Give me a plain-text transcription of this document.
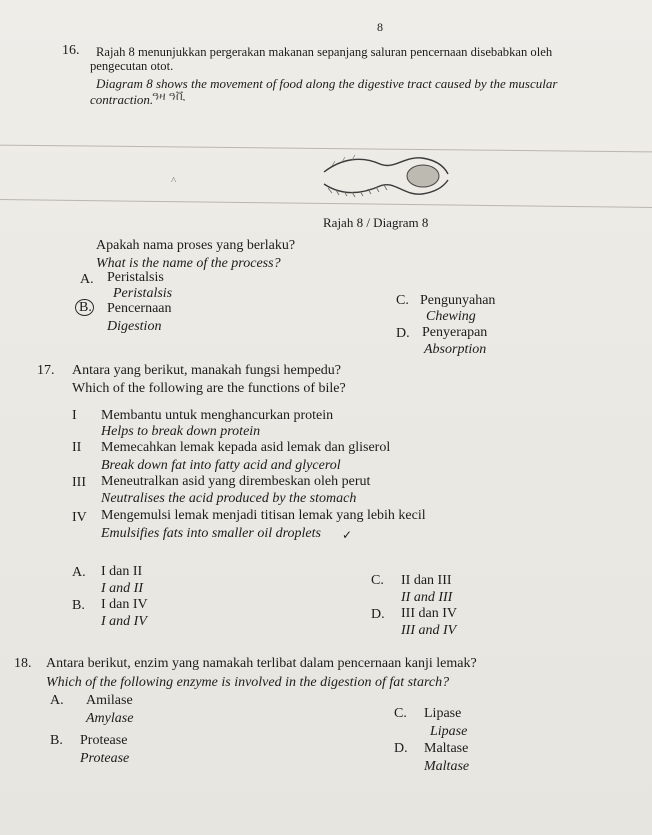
8
16. Rajah 8 menunjukkan pergerakan makanan sepanjang saluran pencernaan disebabkan oleh
pengecutan otot.
Diagram 8 shows the movement of food along the digestive tract caused by the muscular
contraction.
ዓዛ ዓቪ
^
Rajah 8 / Diagram 8
Apakah nama proses yang berlaku?
What is the name of the process?
A. Peristalsis
Peristalsis
B. Pencernaan
Digestion
C. Pengunyahan
Chewing
D. Penyerapan
Absorption
17. Antara yang berikut, manakah fungsi hempedu?
Which of the following are the functions of bile?
I Membantu untuk menghancurkan protein
Helps to break down protein
II Memecahkan lemak kepada asid lemak dan gliserol
Break down fat into fatty acid and glycerol
III Meneutralkan asid yang dirembeskan oleh perut
Neutralises the acid produced by the stomach
IV Mengemulsi lemak menjadi titisan lemak yang lebih kecil
Emulsifies fats into smaller oil droplets ✓
A. I dan II
I and II
B. I dan IV
I and IV
C. II dan III
II and III
D. III dan IV
III and IV
18. Antara berikut, enzim yang namakah terlibat dalam pencernaan kanji lemak?
Which of the following enzyme is involved in the digestion of fat starch?
A. Amilase
Amylase
B. Protease
Protease
C. Lipase
Lipase
D. Maltase
Maltase
